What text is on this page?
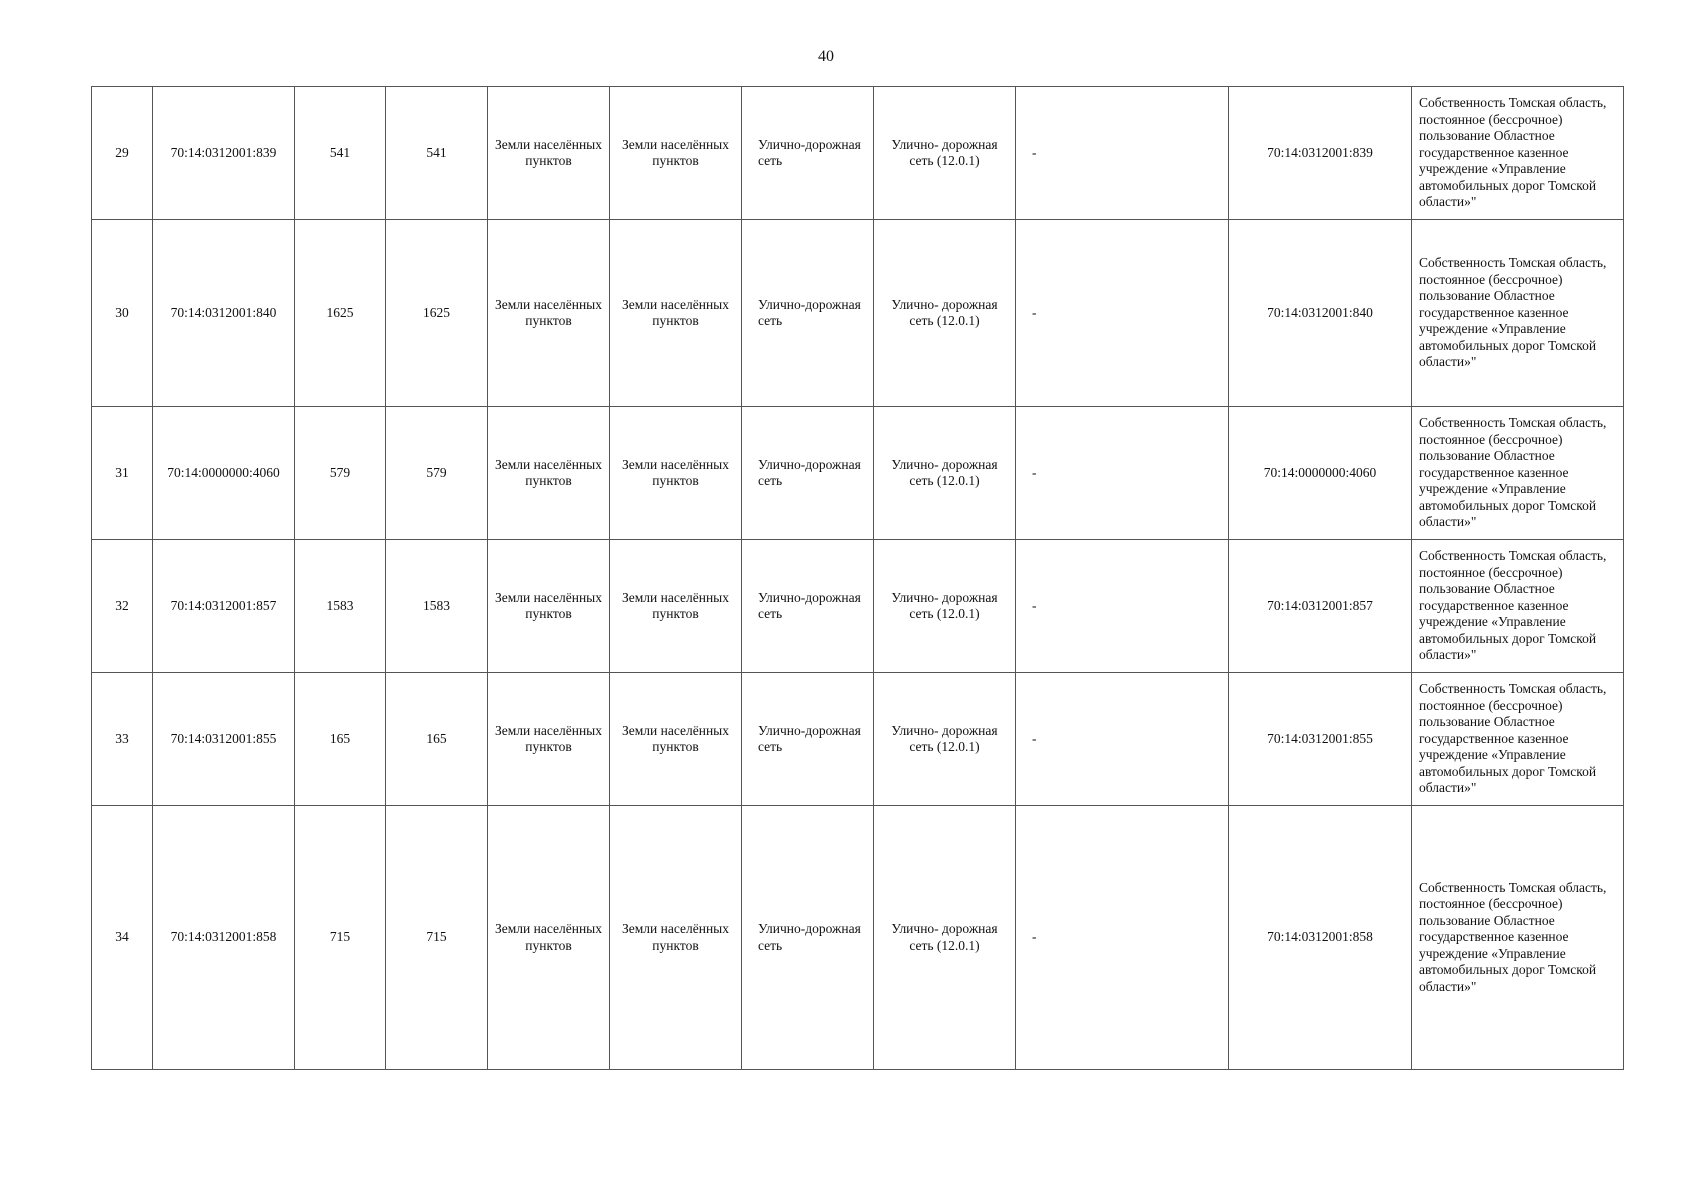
40
29	70:14:0312001:839	541	541	Земли населённых пунктов	Земли населённых пунктов	Улично-дорожная сеть	Улично- дорожная сеть (12.0.1)	-	70:14:0312001:839	Собственность Томская область, постоянное (бессрочное) пользование Областное государственное казенное учреждение «Управление автомобильных дорог Томской области»"
30	70:14:0312001:840	1625	1625	Земли населённых пунктов	Земли населённых пунктов	Улично-дорожная сеть	Улично- дорожная сеть (12.0.1)	-	70:14:0312001:840	Собственность Томская область, постоянное (бессрочное) пользование Областное государственное казенное учреждение «Управление автомобильных дорог Томской области»"
31	70:14:0000000:4060	579	579	Земли населённых пунктов	Земли населённых пунктов	Улично-дорожная сеть	Улично- дорожная сеть (12.0.1)	-	70:14:0000000:4060	Собственность Томская область, постоянное (бессрочное) пользование Областное государственное казенное учреждение «Управление автомобильных дорог Томской области»"
32	70:14:0312001:857	1583	1583	Земли населённых пунктов	Земли населённых пунктов	Улично-дорожная сеть	Улично- дорожная сеть (12.0.1)	-	70:14:0312001:857	Собственность Томская область, постоянное (бессрочное) пользование Областное государственное казенное учреждение «Управление автомобильных дорог Томской области»"
33	70:14:0312001:855	165	165	Земли населённых пунктов	Земли населённых пунктов	Улично-дорожная сеть	Улично- дорожная сеть (12.0.1)	-	70:14:0312001:855	Собственность Томская область, постоянное (бессрочное) пользование Областное государственное казенное учреждение «Управление автомобильных дорог Томской области»"
34	70:14:0312001:858	715	715	Земли населённых пунктов	Земли населённых пунктов	Улично-дорожная сеть	Улично- дорожная сеть (12.0.1)	-	70:14:0312001:858	Собственность Томская область, постоянное (бессрочное) пользование Областное государственное казенное учреждение «Управление автомобильных дорог Томской области»"
